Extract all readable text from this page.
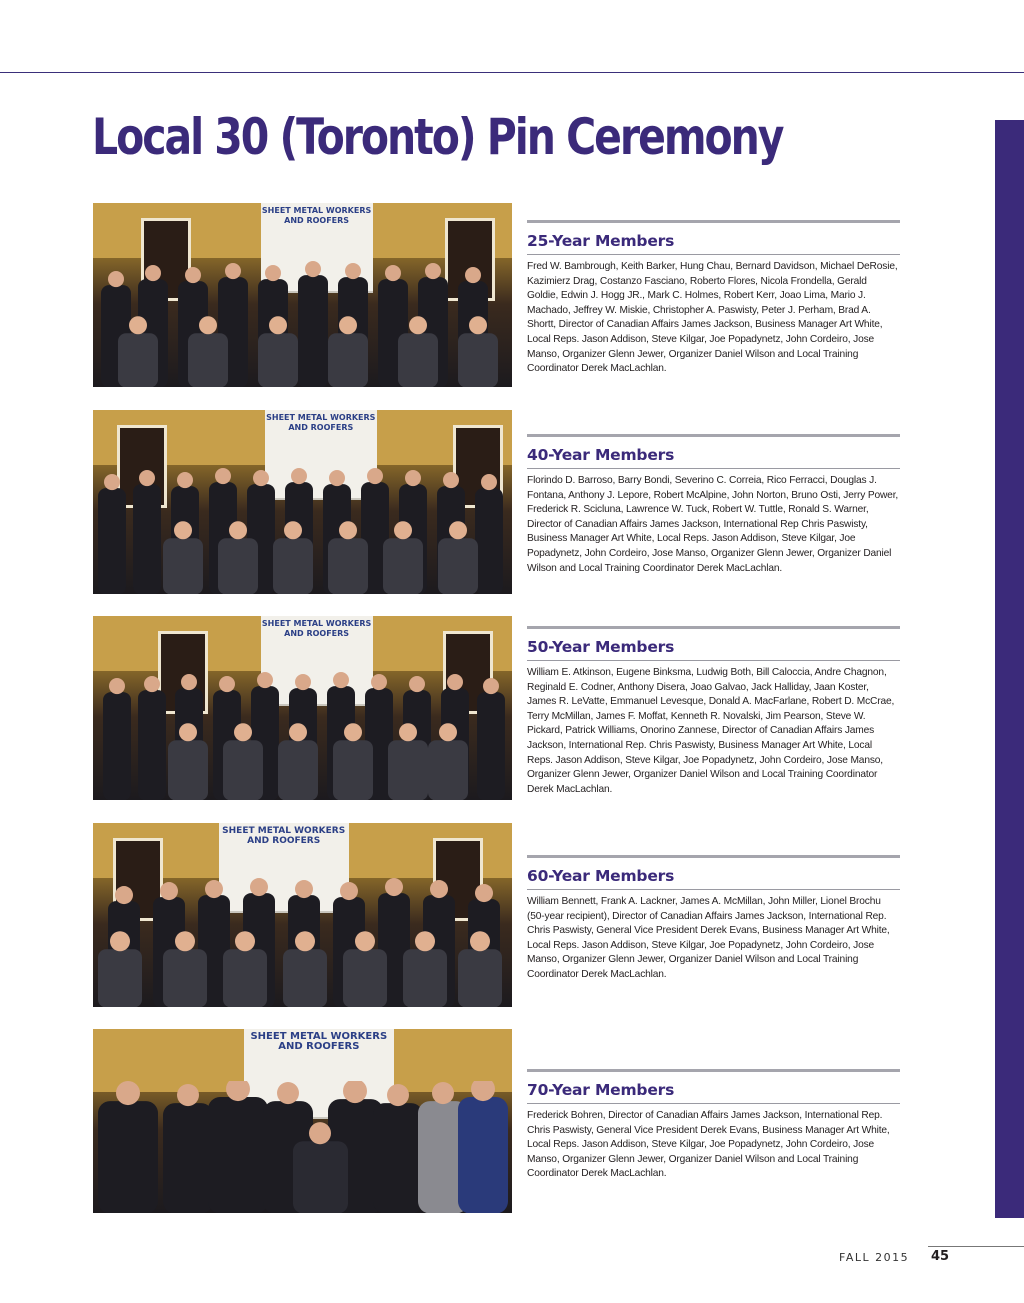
Local 30 (Toronto) Pin Ceremony
SHEET METAL WORKERS AND ROOFERS
25-Year Members

Fred W. Bambrough, Keith Barker, Hung Chau, Bernard Davidson, Michael DeRosie, Kazimierz Drag, Costanzo Fasciano, Roberto Flores, Nicola Frondella, Gerald Goldie, Edwin J. Hogg JR., Mark C. Holmes, Robert Kerr, Joao Lima, Mario J. Machado, Jeffrey W. Miskie, Christopher A. Paswisty, Peter J. Perham, Brad A. Shortt, Director of Canadian Affairs James Jackson, Business Manager Art White, Local Reps. Jason Addison, Steve Kilgar, Joe Popadynetz, John Cordeiro, Jose Manso, Organizer Glenn Jewer, Organizer Daniel Wilson and Local Training Coordinator Derek MacLachlan.

SHEET METAL WORKERS AND ROOFERS
40-Year Members

Florindo D. Barroso, Barry Bondi, Severino C. Correia, Rico Ferracci, Douglas J. Fontana, Anthony J. Lepore, Robert McAlpine, John Norton, Bruno Osti, Jerry Power, Frederick R. Scicluna, Lawrence W. Tuck, Robert W. Tuttle, Ronald S. Warner, Director of Canadian Affairs James Jackson, International Rep Chris Paswisty, Business Manager Art White, Local Reps. Jason Addison, Steve Kilgar, Joe Popadynetz, John Cordeiro, Jose Manso, Organizer Glenn Jewer, Organizer Daniel Wilson and Local Training Coordinator Derek MacLachlan.

SHEET METAL WORKERS AND ROOFERS
50-Year Members

William E. Atkinson, Eugene Binksma, Ludwig Both, Bill Caloccia, Andre Chagnon, Reginald E. Codner, Anthony Disera, Joao Galvao, Jack Halliday, Jaan Koster, James R. LeVatte, Emmanuel Levesque, Donald A. MacFarlane, Robert D. McCrae, Terry McMillan, James F. Moffat, Kenneth R. Novalski, Jim Pearson, Steve W. Pickard, Patrick Williams, Onorino Zannese, Director of Canadian Affairs James Jackson, International Rep. Chris Paswisty, Business Manager Art White, Local Reps. Jason Addison, Steve Kilgar, Joe Popadynetz, John Cordeiro, Jose Manso, Organizer Glenn Jewer, Organizer Daniel Wilson and Local Training Coordinator Derek MacLachlan.

SHEET METAL WORKERS AND ROOFERS
60-Year Members

William Bennett, Frank A. Lackner, James A. McMillan, John Miller, Lionel Brochu (50-year recipient), Director of Canadian Affairs James Jackson, International Rep. Chris Paswisty, General Vice President Derek Evans, Business Manager Art White, Local Reps. Jason Addison, Steve Kilgar, Joe Popadynetz, John Cordeiro, Jose Manso, Organizer Glenn Jewer, Organizer Daniel Wilson and Local Training Coordinator Derek MacLachlan.

SHEET METAL WORKERS AND ROOFERS
70-Year Members

Frederick Bohren, Director of Canadian Affairs James Jackson, International Rep. Chris Paswisty, General Vice President Derek Evans, Business Manager Art White, Local Reps. Jason Addison, Steve Kilgar, Joe Popadynetz, John Cordeiro, Jose Manso, Organizer Glenn Jewer, Organizer Daniel Wilson and Local Training Coordinator Derek MacLachlan.

FALL 2015 45
